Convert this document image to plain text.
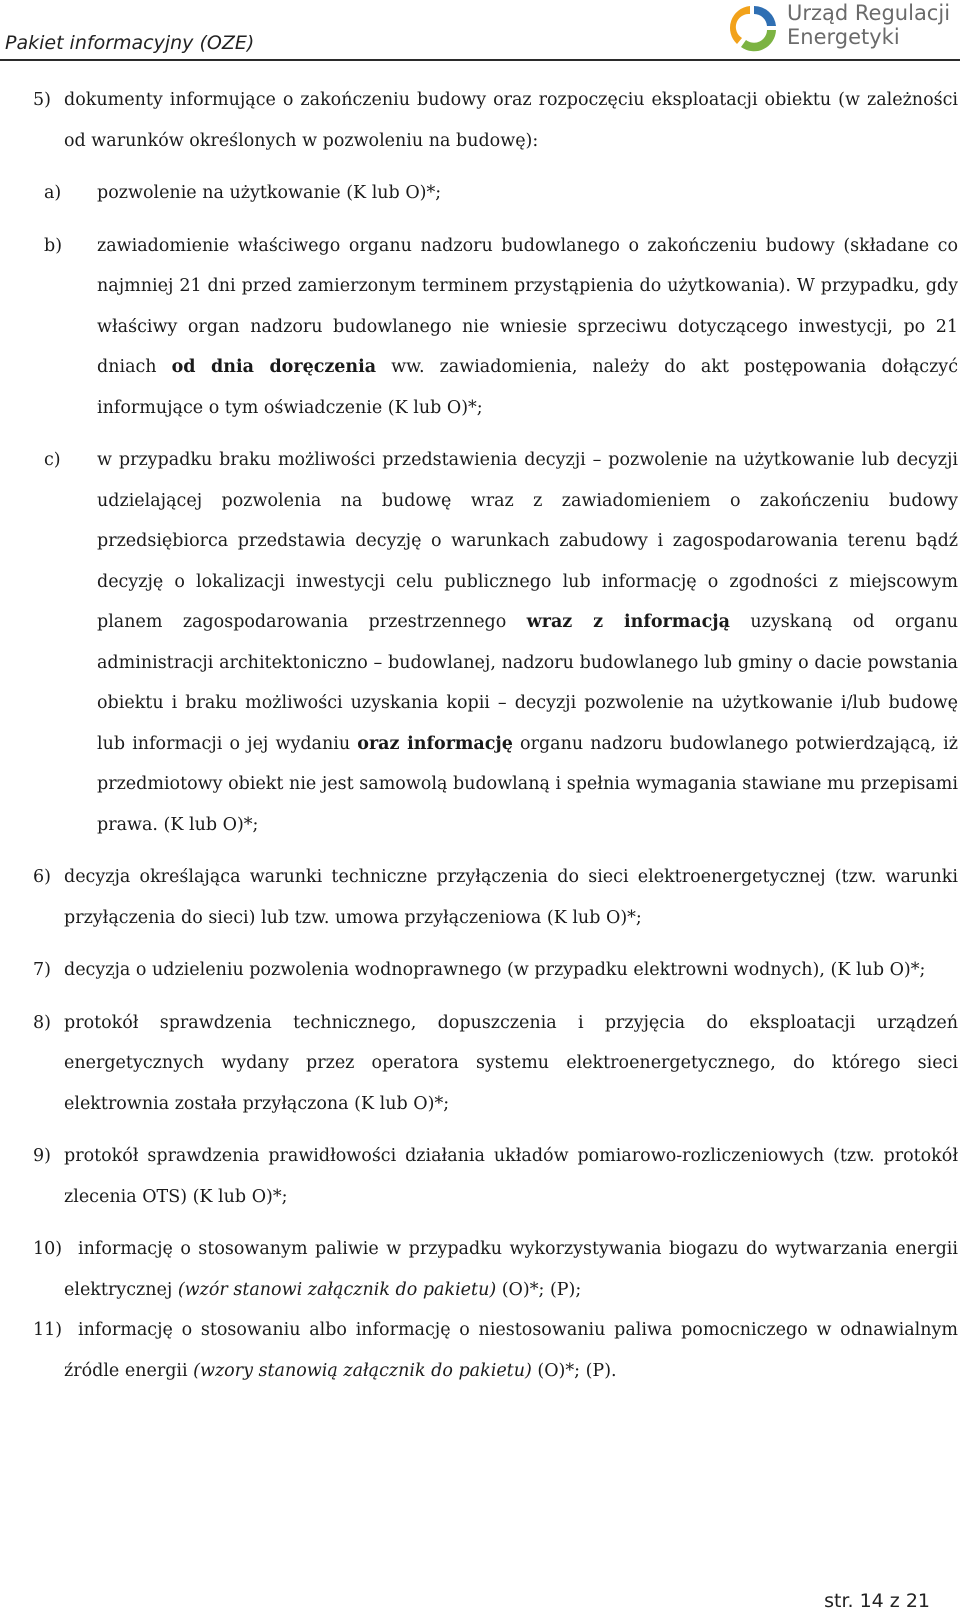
Pakiet informacyjny (OZE)
Urząd Regulacji
Energetyki
5) dokumenty informujące o zakończeniu budowy oraz rozpoczęciu eksploatacji obiektu (w zależności od warunków określonych w pozwoleniu na budowę):
a) pozwolenie na użytkowanie (K lub O)*;
b) zawiadomienie właściwego organu nadzoru budowlanego o zakończeniu budowy (składane co najmniej 21 dni przed zamierzonym terminem przystąpienia do użytkowania). W przypadku, gdy właściwy organ nadzoru budowlanego nie wniesie sprzeciwu dotyczącego inwestycji, po 21 dniach od dnia doręczenia ww. zawiadomienia, należy do akt postępowania dołączyć informujące o tym oświadczenie (K lub O)*;
c) w przypadku braku możliwości przedstawienia decyzji – pozwolenie na użytkowanie lub decyzji udzielającej pozwolenia na budowę wraz z zawiadomieniem o zakończeniu budowy przedsiębiorca przedstawia decyzję o warunkach zabudowy i zagospodarowania terenu bądź decyzję o lokalizacji inwestycji celu publicznego lub informację o zgodności z miejscowym planem zagospodarowania przestrzennego wraz z informacją uzyskaną od organu administracji architektoniczno – budowlanej, nadzoru budowlanego lub gminy o dacie powstania obiektu i braku możliwości uzyskania kopii – decyzji pozwolenie na użytkowanie i/lub budowę lub informacji o jej wydaniu oraz informację organu nadzoru budowlanego potwierdzającą, iż przedmiotowy obiekt nie jest samowolą budowlaną i spełnia wymagania stawiane mu przepisami prawa. (K lub O)*;
6) decyzja określająca warunki techniczne przyłączenia do sieci elektroenergetycznej (tzw. warunki przyłączenia do sieci) lub tzw. umowa przyłączeniowa (K lub O)*;
7) decyzja o udzieleniu pozwolenia wodnoprawnego (w przypadku elektrowni wodnych), (K lub O)*;
8) protokół sprawdzenia technicznego, dopuszczenia i przyjęcia do eksploatacji urządzeń energetycznych wydany przez operatora systemu elektroenergetycznego, do którego sieci elektrownia została przyłączona (K lub O)*;
9) protokół sprawdzenia prawidłowości działania układów pomiarowo-rozliczeniowych (tzw. protokół zlecenia OTS) (K lub O)*;
10) informację o stosowanym paliwie w przypadku wykorzystywania biogazu do wytwarzania energii elektrycznej (wzór stanowi załącznik do pakietu) (O)*; (P);
11) informację o stosowaniu albo informację o niestosowaniu paliwa pomocniczego w odnawialnym źródle energii (wzory stanowią załącznik do pakietu) (O)*; (P).
str. 14 z 21
